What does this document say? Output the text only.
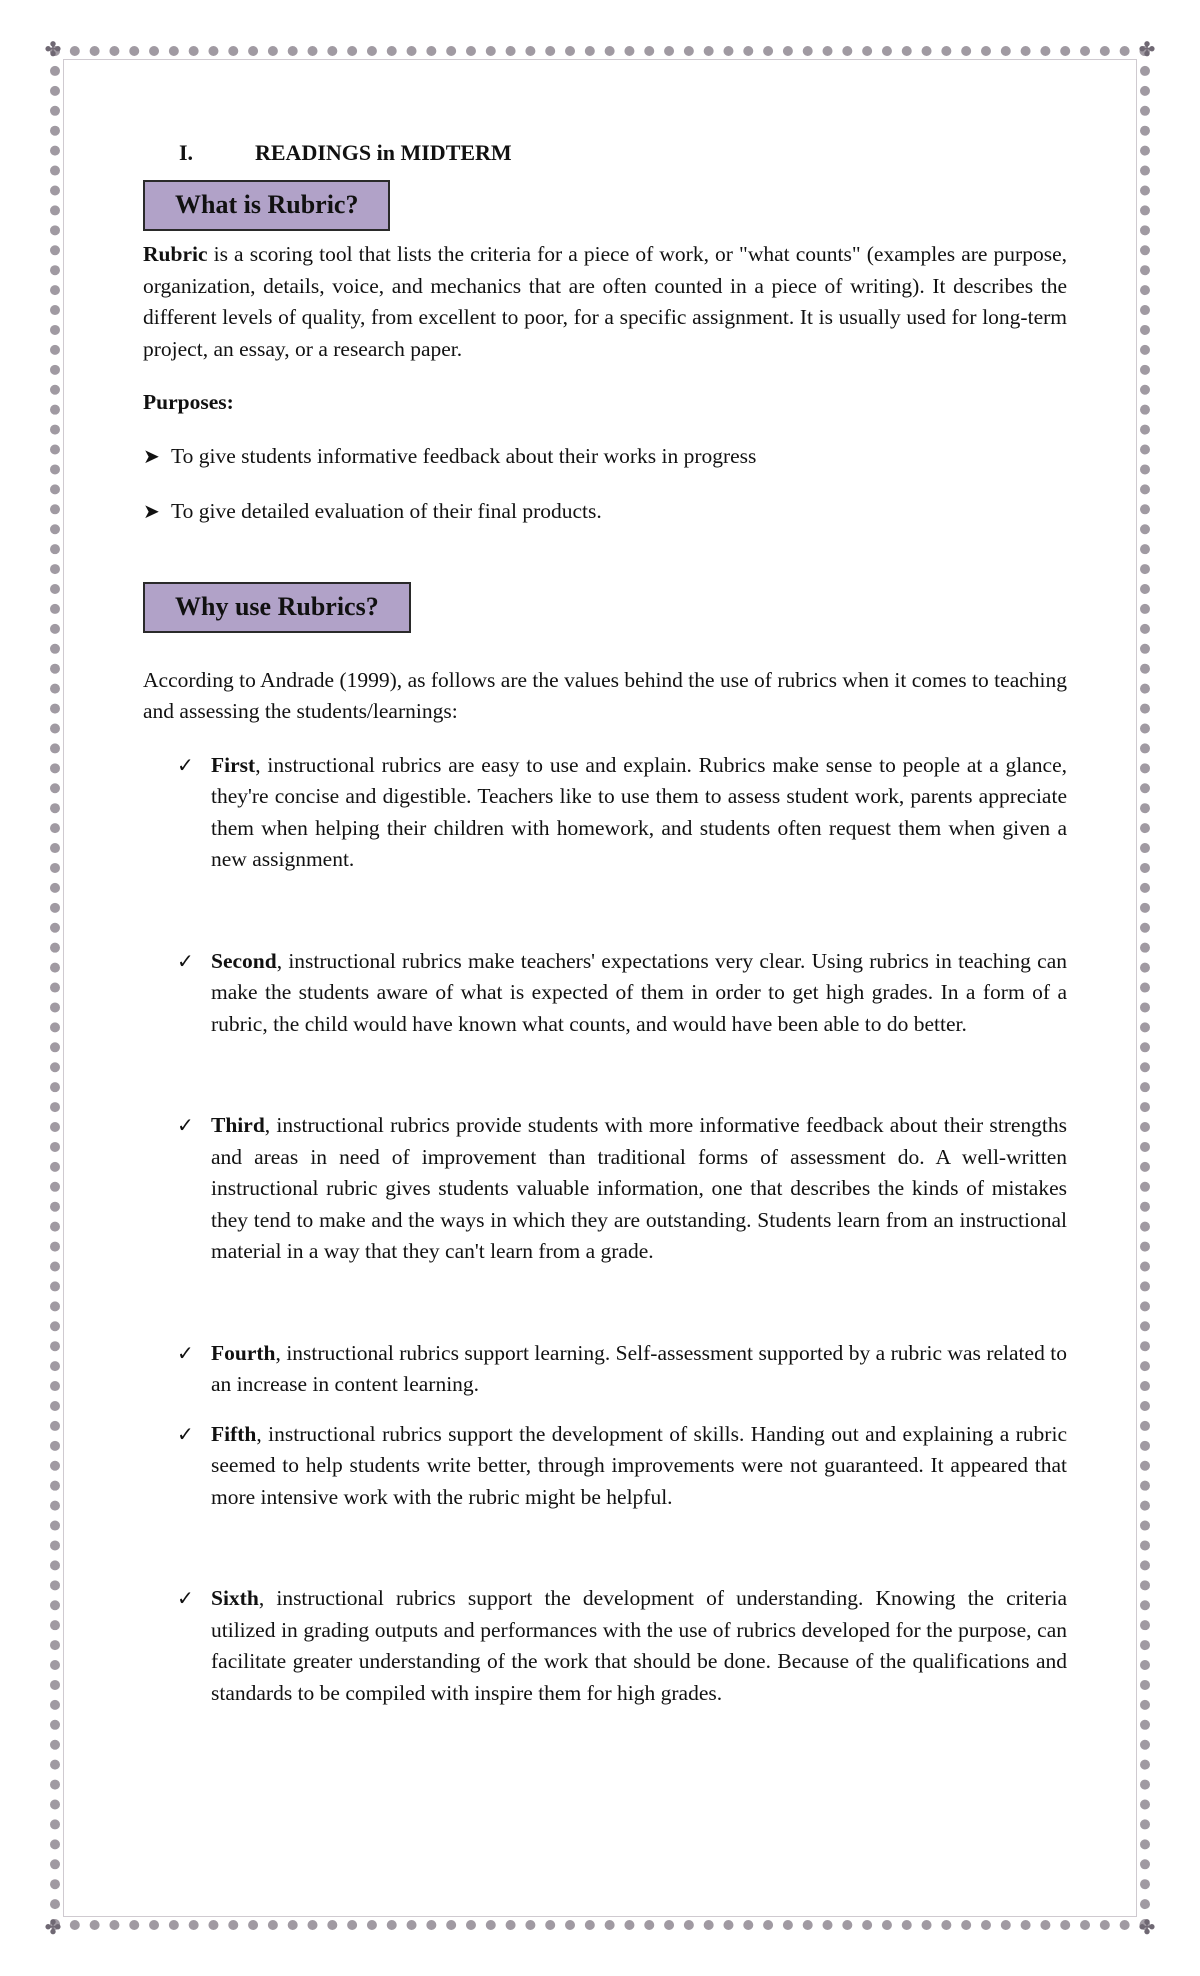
✤	✤
✤	✤
I.	READINGS in MIDTERM
What is Rubric?

Rubric is a scoring tool that lists the criteria for a piece of work, or "what counts" (examples are purpose, organization, details, voice, and mechanics that are often counted in a piece of writing). It describes the different levels of quality, from excellent to poor, for a specific assignment. It is usually used for long-term project, an essay, or a research paper.

Purposes:

➤ To give students informative feedback about their works in progress
➤ To give detailed evaluation of their final products.
Why use Rubrics?

According to Andrade (1999), as follows are the values behind the use of rubrics when it comes to teaching and assessing the students/learnings:

✓ First, instructional rubrics are easy to use and explain. Rubrics make sense to people at a glance, they're concise and digestible. Teachers like to use them to assess student work, parents appreciate them when helping their children with homework, and students often request them when given a new assignment.

✓ Second, instructional rubrics make teachers' expectations very clear. Using rubrics in teaching can make the students aware of what is expected of them in order to get high grades. In a form of a rubric, the child would have known what counts, and would have been able to do better.

✓ Third, instructional rubrics provide students with more informative feedback about their strengths and areas in need of improvement than traditional forms of assessment do. A well-written instructional rubric gives students valuable information, one that describes the kinds of mistakes they tend to make and the ways in which they are outstanding. Students learn from an instructional material in a way that they can't learn from a grade.

✓ Fourth, instructional rubrics support learning. Self-assessment supported by a rubric was related to an increase in content learning.

✓ Fifth, instructional rubrics support the development of skills. Handing out and explaining a rubric seemed to help students write better, through improvements were not guaranteed. It appeared that more intensive work with the rubric might be helpful.

✓ Sixth, instructional rubrics support the development of understanding. Knowing the criteria utilized in grading outputs and performances with the use of rubrics developed for the purpose, can facilitate greater understanding of the work that should be done. Because of the qualifications and standards to be compiled with inspire them for high grades.
